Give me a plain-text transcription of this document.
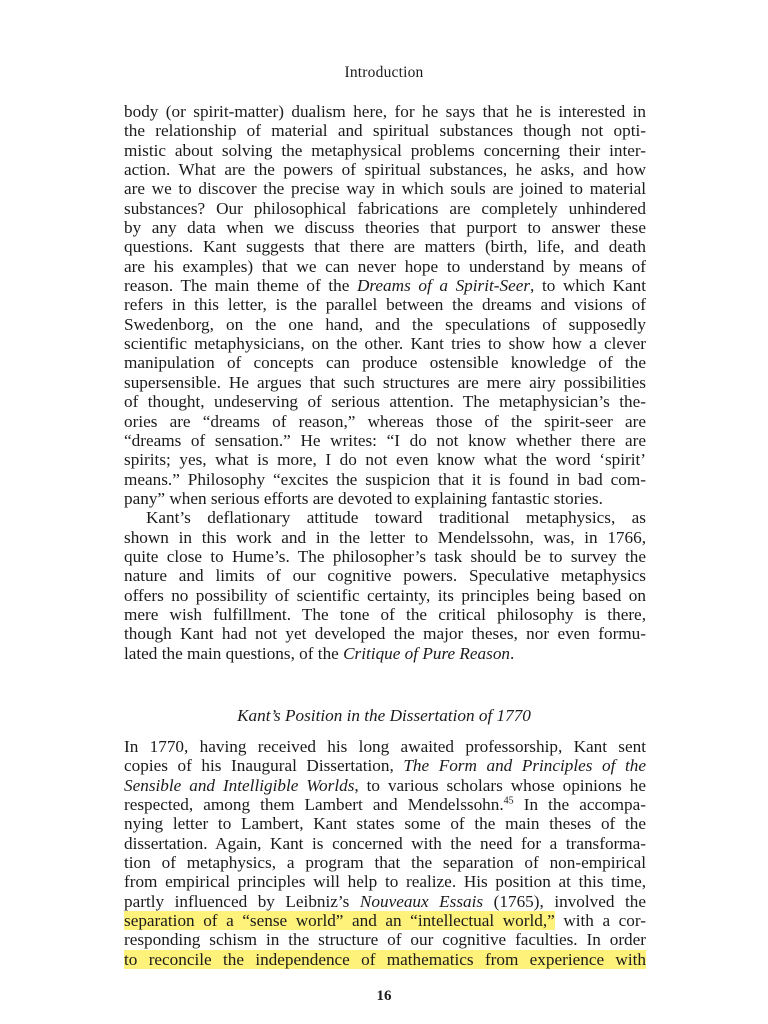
Introduction
body (or spirit-matter) dualism here, for he says that he is interested in
the relationship of material and spiritual substances though not opti-
mistic about solving the metaphysical problems concerning their inter-
action. What are the powers of spiritual substances, he asks, and how
are we to discover the precise way in which souls are joined to material
substances? Our philosophical fabrications are completely unhindered
by any data when we discuss theories that purport to answer these
questions. Kant suggests that there are matters (birth, life, and death
are his examples) that we can never hope to understand by means of
reason. The main theme of the Dreams of a Spirit-Seer, to which Kant
refers in this letter, is the parallel between the dreams and visions of
Swedenborg, on the one hand, and the speculations of supposedly
scientific metaphysicians, on the other. Kant tries to show how a clever
manipulation of concepts can produce ostensible knowledge of the
supersensible. He argues that such structures are mere airy possibilities
of thought, undeserving of serious attention. The metaphysician’s the-
ories are “dreams of reason,” whereas those of the spirit-seer are
“dreams of sensation.” He writes: “I do not know whether there are
spirits; yes, what is more, I do not even know what the word ‘spirit’
means.” Philosophy “excites the suspicion that it is found in bad com-
pany” when serious efforts are devoted to explaining fantastic stories.
Kant’s deflationary attitude toward traditional metaphysics, as
shown in this work and in the letter to Mendelssohn, was, in 1766,
quite close to Hume’s. The philosopher’s task should be to survey the
nature and limits of our cognitive powers. Speculative metaphysics
offers no possibility of scientific certainty, its principles being based on
mere wish fulfillment. The tone of the critical philosophy is there,
though Kant had not yet developed the major theses, nor even formu-
lated the main questions, of the Critique of Pure Reason.
Kant’s Position in the Dissertation of 1770
In 1770, having received his long awaited professorship, Kant sent
copies of his Inaugural Dissertation, The Form and Principles of the
Sensible and Intelligible Worlds, to various scholars whose opinions he
respected, among them Lambert and Mendelssohn.$^{45}$ In the accompa-
nying letter to Lambert, Kant states some of the main theses of the
dissertation. Again, Kant is concerned with the need for a transforma-
tion of metaphysics, a program that the separation of non-empirical
from empirical principles will help to realize. His position at this time,
partly influenced by Leibniz’s Nouveaux Essais (1765), involved the
separation of a “sense world” and an “intellectual world,” with a cor-
responding schism in the structure of our cognitive faculties. In order
to reconcile the independence of mathematics from experience with
16
